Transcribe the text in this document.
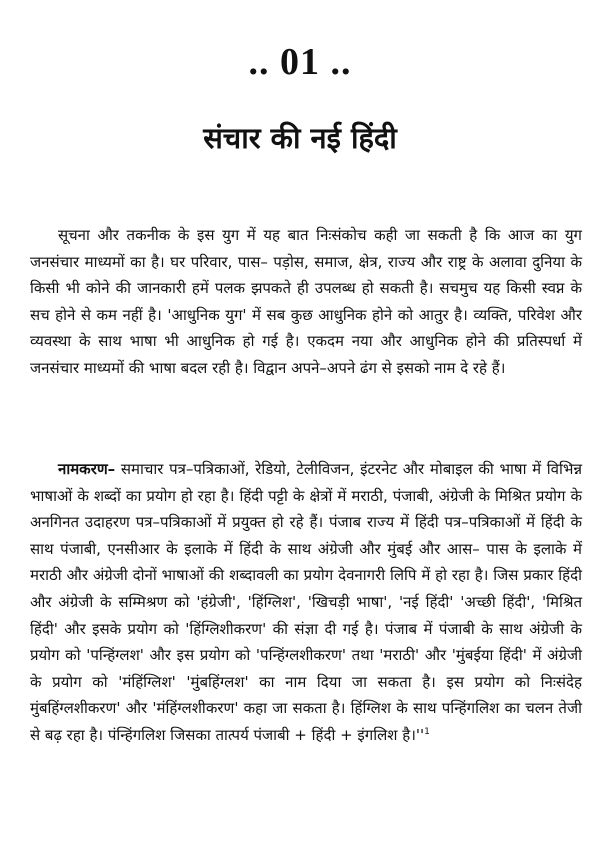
.. 01 ..
संचार की नई हिंदी

सूचना और तकनीक के इस युग में यह बात निःसंकोच कही जा सकती है कि आज का युग जनसंचार माध्यमों का है। घर परिवार, पास– पड़ोस, समाज, क्षेत्र, राज्य और राष्ट्र के अलावा दुनिया के किसी भी कोने की जानकारी हमें पलक झपकते ही उपलब्ध हो सकती है। सचमुच यह किसी स्वप्न के सच होने से कम नहीं है। 'आधुनिक युग' में सब कुछ आधुनिक होने को आतुर है। व्यक्ति, परिवेश और व्यवस्था के साथ भाषा भी आधुनिक हो गई है। एकदम नया और आधुनिक होने की प्रतिस्पर्धा में जनसंचार माध्यमों की भाषा बदल रही है। विद्वान अपने–अपने ढंग से इसको नाम दे रहे हैं।

नामकरण– समाचार पत्र–पत्रिकाओं, रेडियो, टेलीविजन, इंटरनेट और मोबाइल की भाषा में विभिन्न भाषाओं के शब्दों का प्रयोग हो रहा है। हिंदी पट्टी के क्षेत्रों में मराठी, पंजाबी, अंग्रेजी के मिश्रित प्रयोग के अनगिनत उदाहरण पत्र–पत्रिकाओं में प्रयुक्त हो रहे हैं। पंजाब राज्य में हिंदी पत्र–पत्रिकाओं में हिंदी के साथ पंजाबी, एनसीआर के इलाके में हिंदी के साथ अंग्रेजी और मुंबई और आस– पास के इलाके में मराठी और अंग्रेजी दोनों भाषाओं की शब्दावली का प्रयोग देवनागरी लिपि में हो रहा है। जिस प्रकार हिंदी और अंग्रेजी के सम्मिश्रण को 'हंग्रेजी', 'हिंग्लिश', 'खिचड़ी भाषा', 'नई हिंदी' 'अच्छी हिंदी', 'मिश्रित हिंदी' और इसके प्रयोग को 'हिंग्लिशीकरण' की संज्ञा दी गई है। पंजाब में पंजाबी के साथ अंग्रेजी के प्रयोग को 'पन्हिंग्लश' और इस प्रयोग को 'पन्हिंग्लशीकरण' तथा 'मराठी' और 'मुंबईया हिंदी' में अंग्रेजी के प्रयोग को 'मंहिंग्लिश' 'मुंबहिंग्लश' का नाम दिया जा सकता है। इस प्रयोग को निःसंदेह मुंबहिंग्लशीकरण' और 'मंहिंग्लशीकरण' कहा जा सकता है। हिंग्लिश के साथ पन्हिंगलिश का चलन तेजी से बढ़ रहा है। पंन्हिंगलिश जिसका तात्पर्य पंजाबी + हिंदी + इंगलिश $है।''^1$
